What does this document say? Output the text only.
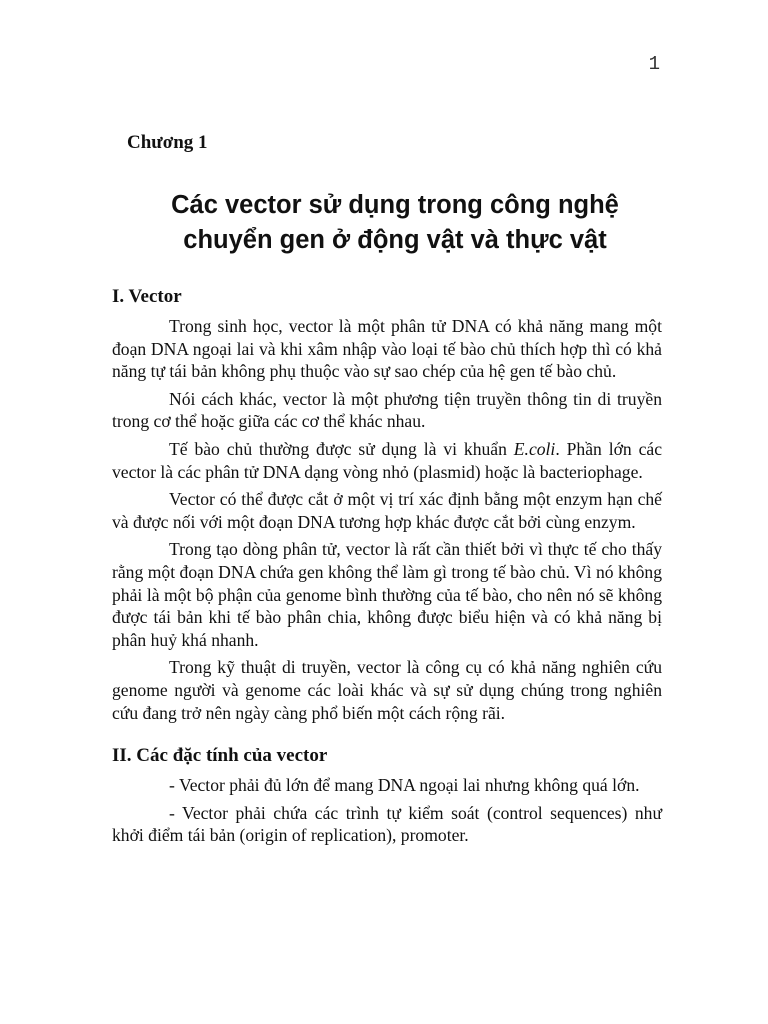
1
Chương 1
Các vector sử dụng trong công nghệ
chuyển gen ở động vật và thực vật
I. Vector

Trong sinh học, vector là một phân tử DNA có khả năng mang một đoạn DNA ngoại lai và khi xâm nhập vào loại tế bào chủ thích hợp thì có khả năng tự tái bản không phụ thuộc vào sự sao chép của hệ gen tế bào chủ.

Nói cách khác, vector là một phương tiện truyền thông tin di truyền trong cơ thể hoặc giữa các cơ thể khác nhau.

Tế bào chủ thường được sử dụng là vi khuẩn E.coli. Phần lớn các vector là các phân tử DNA dạng vòng nhỏ (plasmid) hoặc là bacteriophage.

Vector có thể được cắt ở một vị trí xác định bằng một enzym hạn chế và được nối với một đoạn DNA tương hợp khác được cắt bởi cùng enzym.

Trong tạo dòng phân tử, vector là rất cần thiết bởi vì thực tế cho thấy rằng một đoạn DNA chứa gen không thể làm gì trong tế bào chủ. Vì nó không phải là một bộ phận của genome bình thường của tế bào, cho nên nó sẽ không được tái bản khi tế bào phân chia, không được biểu hiện và có khả năng bị phân huỷ khá nhanh.

Trong kỹ thuật di truyền, vector là công cụ có khả năng nghiên cứu genome người và genome các loài khác và sự sử dụng chúng trong nghiên cứu đang trở nên ngày càng phổ biến một cách rộng rãi.

II. Các đặc tính của vector

- Vector phải đủ lớn để mang DNA ngoại lai nhưng không quá lớn.

- Vector phải chứa các trình tự kiểm soát (control sequences) như khởi điểm tái bản (origin of replication), promoter.
